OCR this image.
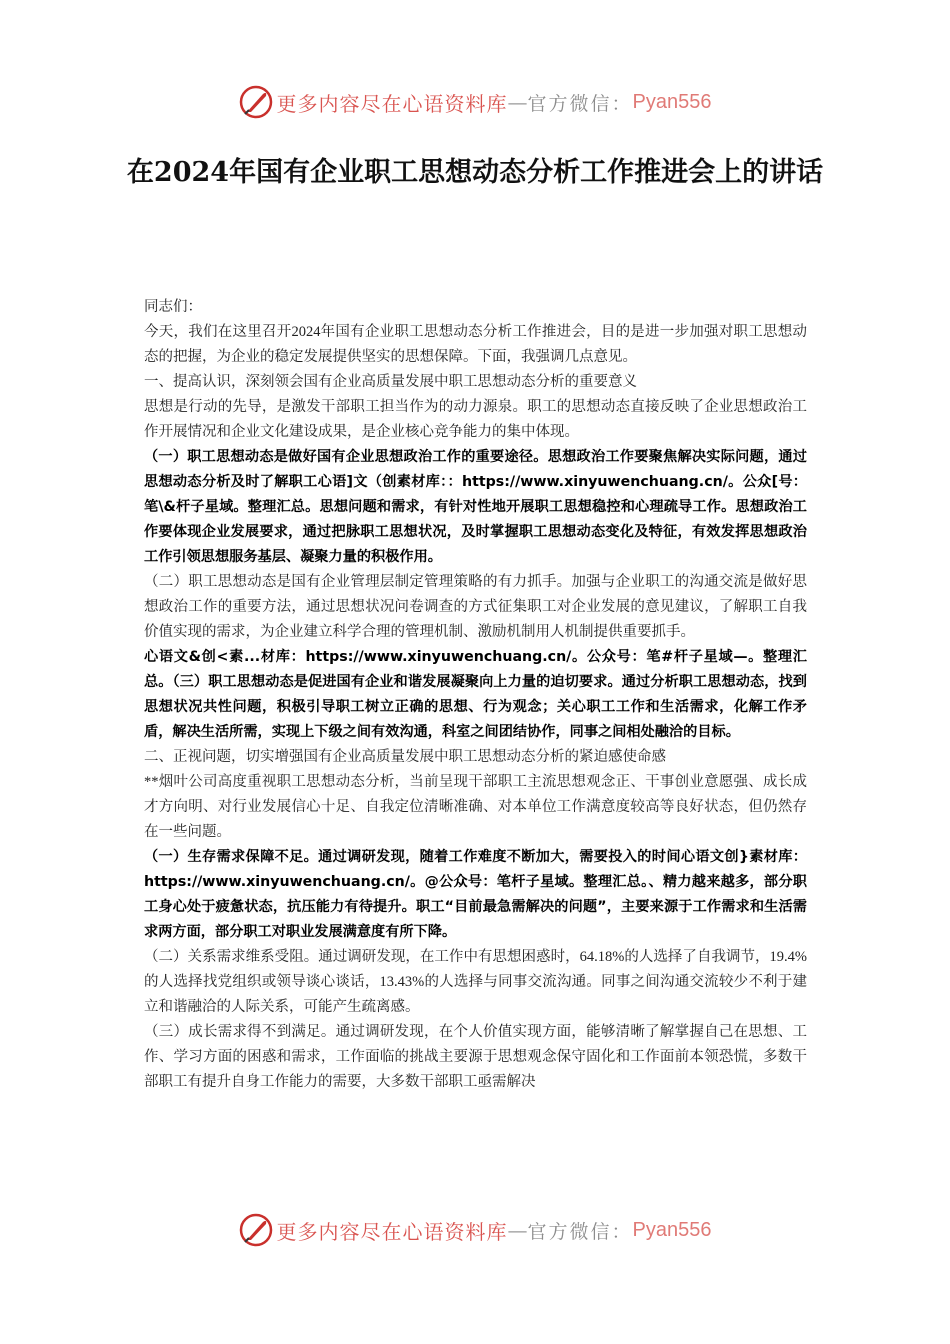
更多内容尽在心语资料库 — 官方微信： Pyan556
在2024年国有企业职工思想动态分析工作推进会上的讲话

同志们：

今天，我们在这里召开2024年国有企业职工思想动态分析工作推进会，目的是进一步加强对职工思想动态的把握，为企业的稳定发展提供坚实的思想保障。下面，我强调几点意见。

一、提高认识，深刻领会国有企业高质量发展中职工思想动态分析的重要意义

思想是行动的先导，是激发干部职工担当作为的动力源泉。职工的思想动态直接反映了企业思想政治工作开展情况和企业文化建设成果，是企业核心竞争能力的集中体现。

（一）职工思想动态是做好国有企业思想政治工作的重要途径。思想政治工作要聚焦解决实际问题，通过思想动态分析及时了解职工心语]文（创素材库：：https://www.xinyuwenchuang.cn/。公众[号：笔\&杆子星域。整理汇总。思想问题和需求，有针对性地开展职工思想稳控和心理疏导工作。思想政治工作要体现企业发展要求，通过把脉职工思想状况，及时掌握职工思想动态变化及特征，有效发挥思想政治工作引领思想服务基层、凝聚力量的积极作用。

（二）职工思想动态是国有企业管理层制定管理策略的有力抓手。加强与企业职工的沟通交流是做好思想政治工作的重要方法，通过思想状况问卷调查的方式征集职工对企业发展的意见建议，了解职工自我价值实现的需求，为企业建立科学合理的管理机制、激励机制用人机制提供重要抓手。

心语文&创<素...材库：https://www.xinyuwenchuang.cn/。公众号：笔#杆子星域—。整理汇总。（三）职工思想动态是促进国有企业和谐发展凝聚向上力量的迫切要求。通过分析职工思想动态，找到思想状况共性问题，积极引导职工树立正确的思想、行为观念；关心职工工作和生活需求，化解工作矛盾，解决生活所需，实现上下级之间有效沟通，科室之间团结协作，同事之间相处融洽的目标。

二、正视问题，切实增强国有企业高质量发展中职工思想动态分析的紧迫感使命感

**烟叶公司高度重视职工思想动态分析，当前呈现干部职工主流思想观念正、干事创业意愿强、成长成才方向明、对行业发展信心十足、自我定位清晰准确、对本单位工作满意度较高等良好状态，但仍然存在一些问题。

（一）生存需求保障不足。通过调研发现，随着工作难度不断加大，需要投入的时间心语文创}素材库：https://www.xinyuwenchuang.cn/。@公众号：笔杆子星域。整理汇总。、精力越来越多，部分职工身心处于疲惫状态，抗压能力有待提升。职工“目前最急需解决的问题”，主要来源于工作需求和生活需求两方面，部分职工对职业发展满意度有所下降。

（二）关系需求维系受阻。通过调研发现，在工作中有思想困惑时，64.18%的人选择了自我调节，19.4%的人选择找党组织或领导谈心谈话，13.43%的人选择与同事交流沟通。同事之间沟通交流较少不利于建立和谐融洽的人际关系，可能产生疏离感。

（三）成长需求得不到满足。通过调研发现，在个人价值实现方面，能够清晰了解掌握自己在思想、工作、学习方面的困惑和需求，工作面临的挑战主要源于思想观念保守固化和工作面前本领恐慌，多数干部职工有提升自身工作能力的需要，大多数干部职工亟需解决

更多内容尽在心语资料库 — 官方微信： Pyan556
